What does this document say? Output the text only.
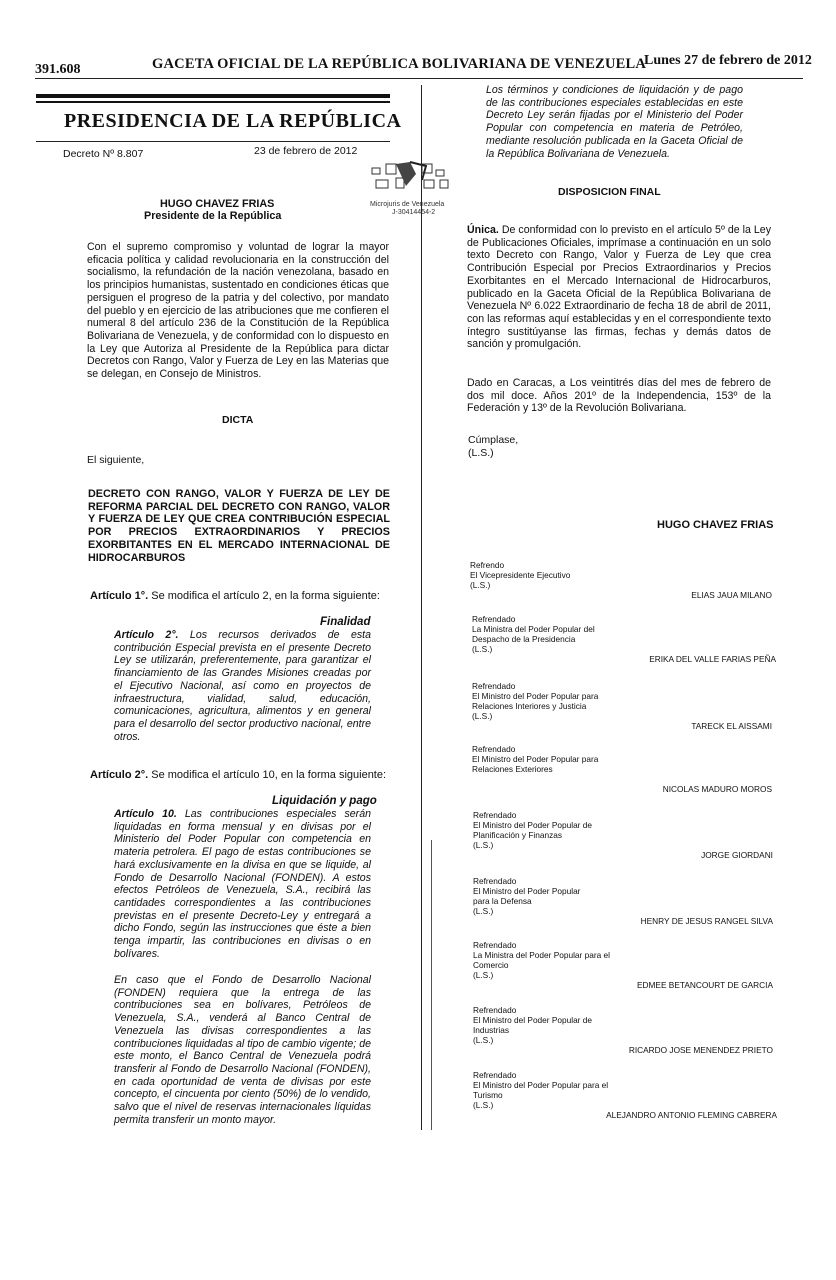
391.608	GACETA OFICIAL DE LA REPÚBLICA BOLIVARIANA DE VENEZUELA
Lunes 27 de febrero de 2012
PRESIDENCIA DE LA REPÚBLICA
Decreto Nº 8.807	23 de febrero de 2012
Microjuris de Venezuela
J-30414454-2
HUGO CHAVEZ FRIAS
Presidente de la República

Con el supremo compromiso y voluntad de lograr la mayor eficacia política y calidad revolucionaria en la construcción del socialismo, la refundación de la nación venezolana, basado en los principios humanistas, sustentado en condiciones éticas que persiguen el progreso de la patria y del colectivo, por mandato del pueblo y en ejercicio de las atribuciones que me confieren el numeral 8 del artículo 236 de la Constitución de la República Bolivariana de Venezuela, y de conformidad con lo dispuesto en la Ley que Autoriza al Presidente de la República para dictar Decretos con Rango, Valor y Fuerza de Ley en las Materias que se delegan, en Consejo de Ministros.

DICTA
El siguiente,

DECRETO CON RANGO, VALOR Y FUERZA DE LEY DE REFORMA PARCIAL DEL DECRETO CON RANGO, VALOR Y FUERZA DE LEY QUE CREA CONTRIBUCIÓN ESPECIAL POR PRECIOS EXTRAORDINARIOS Y PRECIOS EXORBITANTES EN EL MERCADO INTERNACIONAL DE HIDROCARBUROS

Artículo 1°. Se modifica el artículo 2, en la forma siguiente:
Finalidad

Artículo 2°. Los recursos derivados de esta contribución Especial prevista en el presente Decreto Ley se utilizarán, preferentemente, para garantizar el financiamiento de las Grandes Misiones creadas por el Ejecutivo Nacional, así como en proyectos de infraestructura, vialidad, salud, educación, comunicaciones, agricultura, alimentos y en general para el desarrollo del sector productivo nacional, entre otros.

Artículo 2°. Se modifica el artículo 10, en la forma siguiente:
Liquidación y pago

Artículo 10. Las contribuciones especiales serán liquidadas en forma mensual y en divisas por el Ministerio del Poder Popular con competencia en materia petrolera. El pago de estas contribuciones se hará exclusivamente en la divisa en que se liquide, al Fondo de Desarrollo Nacional (FONDEN). A estos efectos Petróleos de Venezuela, S.A., recibirá las cantidades correspondientes a las contribuciones previstas en el presente Decreto-Ley y entregará a dicho Fondo, según las instrucciones que éste a bien tenga impartir, las contribuciones en divisas o en bolívares.

En caso que el Fondo de Desarrollo Nacional (FONDEN) requiera que la entrega de las contribuciones sea en bolívares, Petróleos de Venezuela, S.A., venderá al Banco Central de Venezuela las divisas correspondientes a las contribuciones liquidadas al tipo de cambio vigente; de este monto, el Banco Central de Venezuela podrá transferir al Fondo de Desarrollo Nacional (FONDEN), en cada oportunidad de venta de divisas por este concepto, el cincuenta por ciento (50%) de lo vendido, salvo que el nivel de reservas internacionales líquidas permita transferir un monto mayor.

Los términos y condiciones de liquidación y de pago de las contribuciones especiales establecidas en este Decreto Ley serán fijadas por el Ministerio del Poder Popular con competencia en materia de Petróleo, mediante resolución publicada en la Gaceta Oficial de la República Bolivariana de Venezuela.

DISPOSICION FINAL

Única. De conformidad con lo previsto en el artículo 5º de la Ley de Publicaciones Oficiales, imprímase a continuación en un solo texto Decreto con Rango, Valor y Fuerza de Ley que crea Contribución Especial por Precios Extraordinarios y Precios Exorbitantes en el Mercado Internacional de Hidrocarburos, publicado en la Gaceta Oficial de la República Bolivariana de Venezuela Nº 6.022 Extraordinario de fecha 18 de abril de 2011, con las reformas aquí establecidas y en el correspondiente texto íntegro sustitúyanse las firmas, fechas y demás datos de sanción y promulgación.

Dado en Caracas, a Los veintitrés días del mes de febrero de dos mil doce. Años 201º de la Independencia, 153º de la Federación y 13º de la Revolución Bolivariana.

Cúmplase,
(L.S.)
HUGO CHAVEZ FRIAS
Refrendo
El Vicepresidente Ejecutivo
(L.S.)
ELIAS JAUA MILANO
Refrendado
La Ministra del Poder Popular del Despacho de la Presidencia
(L.S.)
ERIKA DEL VALLE FARIAS PEÑA
Refrendado
El Ministro del Poder Popular para Relaciones Interiores y Justicia
(L.S.)
TARECK EL AISSAMI
Refrendado
El Ministro del Poder Popular para Relaciones Exteriores
NICOLAS MADURO MOROS
Refrendado
El Ministro del Poder Popular de Planificación y Finanzas
(L.S.)
JORGE GIORDANI
Refrendado
El Ministro del Poder Popular para la Defensa
(L.S.)
HENRY DE JESUS RANGEL SILVA
Refrendado
La Ministra del Poder Popular para el Comercio
(L.S.)
EDMEE BETANCOURT DE GARCIA
Refrendado
El Ministro del Poder Popular de Industrias
(L.S.)
RICARDO JOSE MENENDEZ PRIETO
Refrendado
El Ministro del Poder Popular para el Turismo
(L.S.)
ALEJANDRO ANTONIO FLEMING CABRERA
